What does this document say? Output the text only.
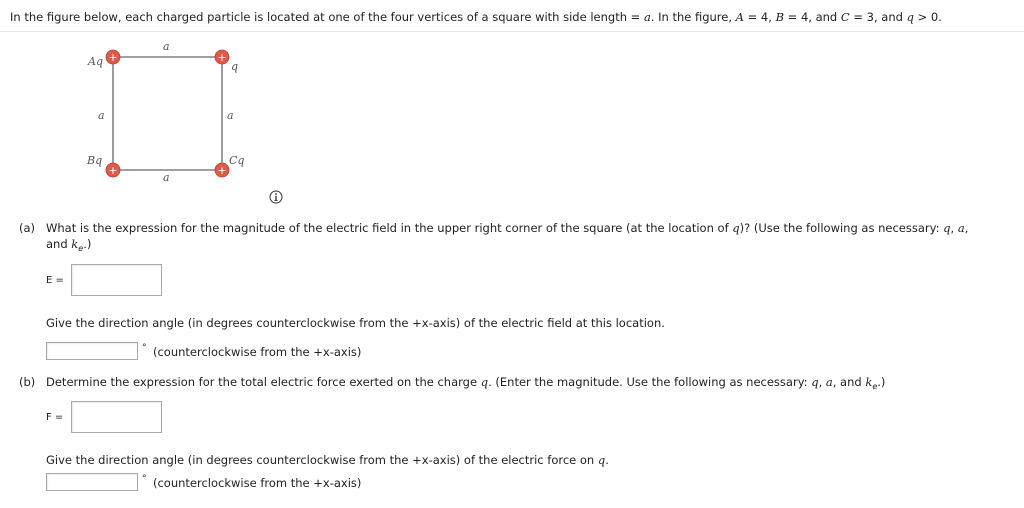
In the figure below, each charged particle is located at one of the four vertices of a square with side length = a. In the figure, A = 4, B = 4, and C = 3, and q > 0.
a
a
a	a
+	+
+	+
Aq	q
Bq	Cq
(a) What is the expression for the magnitude of the electric field in the upper right corner of the square (at the location of q)? (Use the following as necessary: q, a,
and $k_e$.)
E =
Give the direction angle (in degrees counterclockwise from the +x-axis) of the electric field at this location.
° (counterclockwise from the +x-axis)
(b) Determine the expression for the total electric force exerted on the charge q. (Enter the magnitude. Use the following as necessary: q, a, and $k_e$.)
F =
Give the direction angle (in degrees counterclockwise from the +x-axis) of the electric force on q.
° (counterclockwise from the +x-axis)
